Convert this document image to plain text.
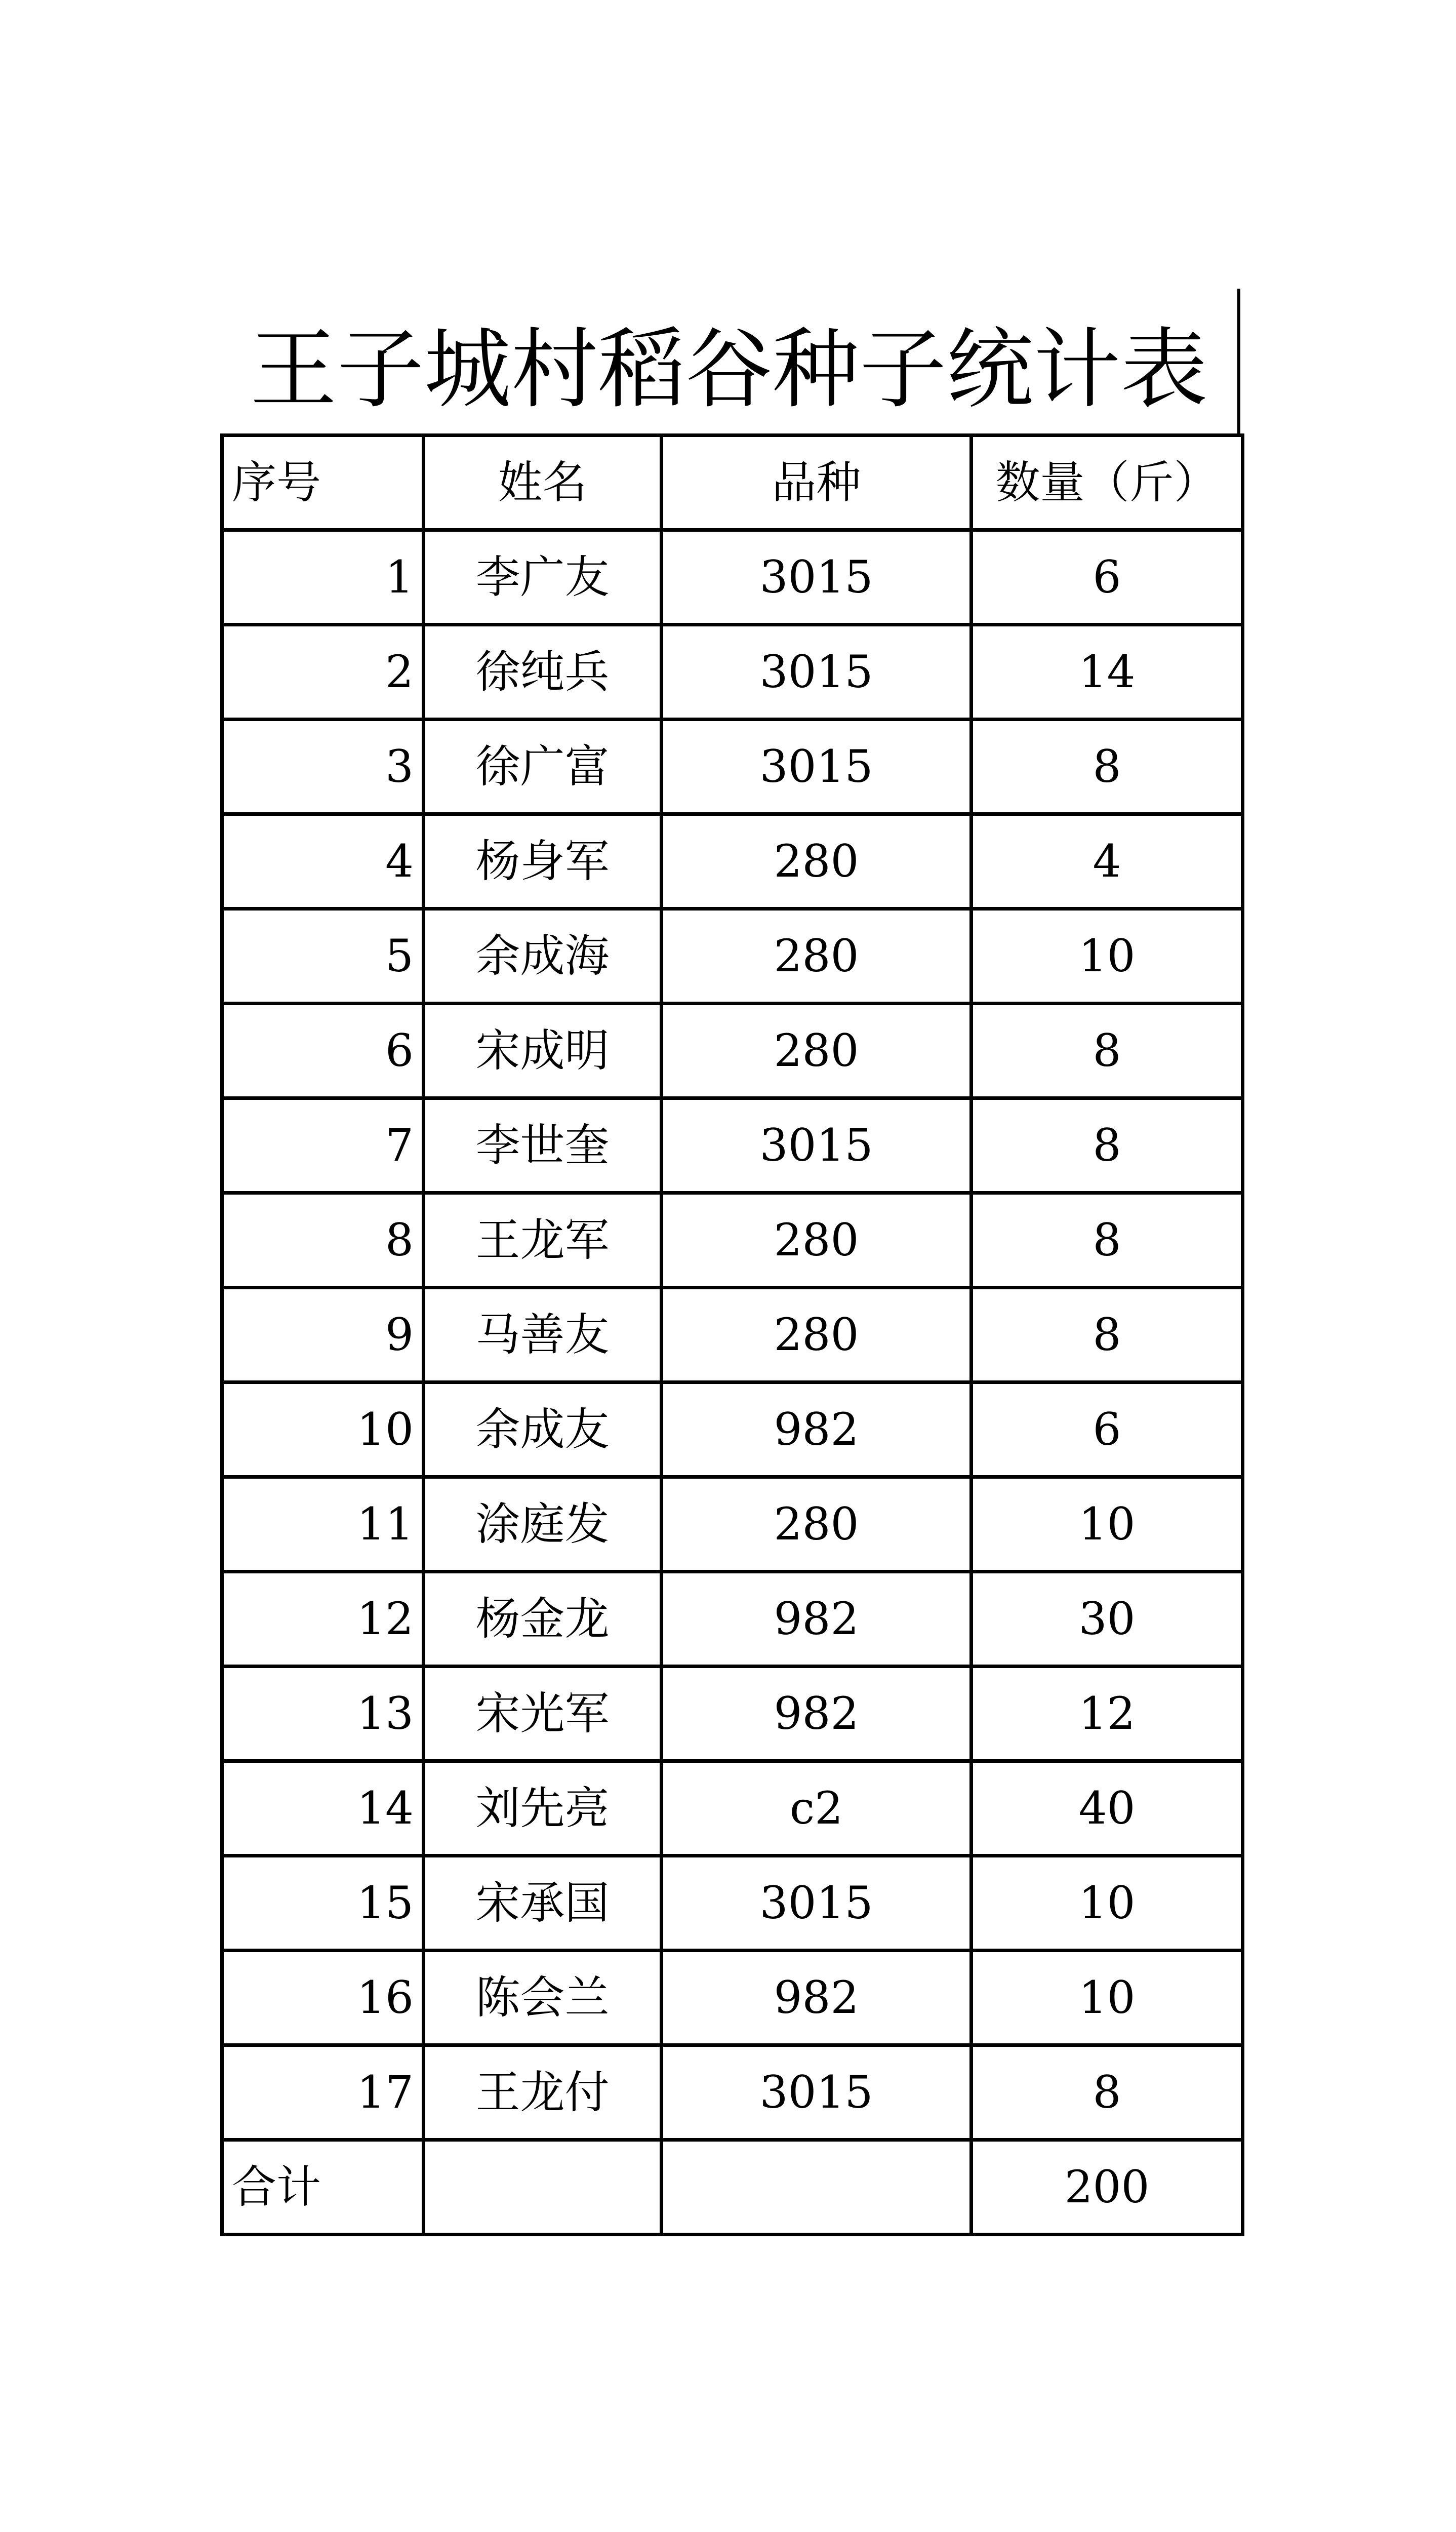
王子城村稻谷种子统计表
序号	姓名	品种	数量（斤）
1	李广友	3015	6
2	徐纯兵	3015	14
3	徐广富	3015	8
4	杨身军	280	4
5	余成海	280	10
6	宋成明	280	8
7	李世奎	3015	8
8	王龙军	280	8
9	马善友	280	8
10	余成友	982	6
11	涂庭发	280	10
12	杨金龙	982	30
13	宋光军	982	12
14	刘先亮	c2	40
15	宋承国	3015	10
16	陈会兰	982	10
17	王龙付	3015	8
合计			200
